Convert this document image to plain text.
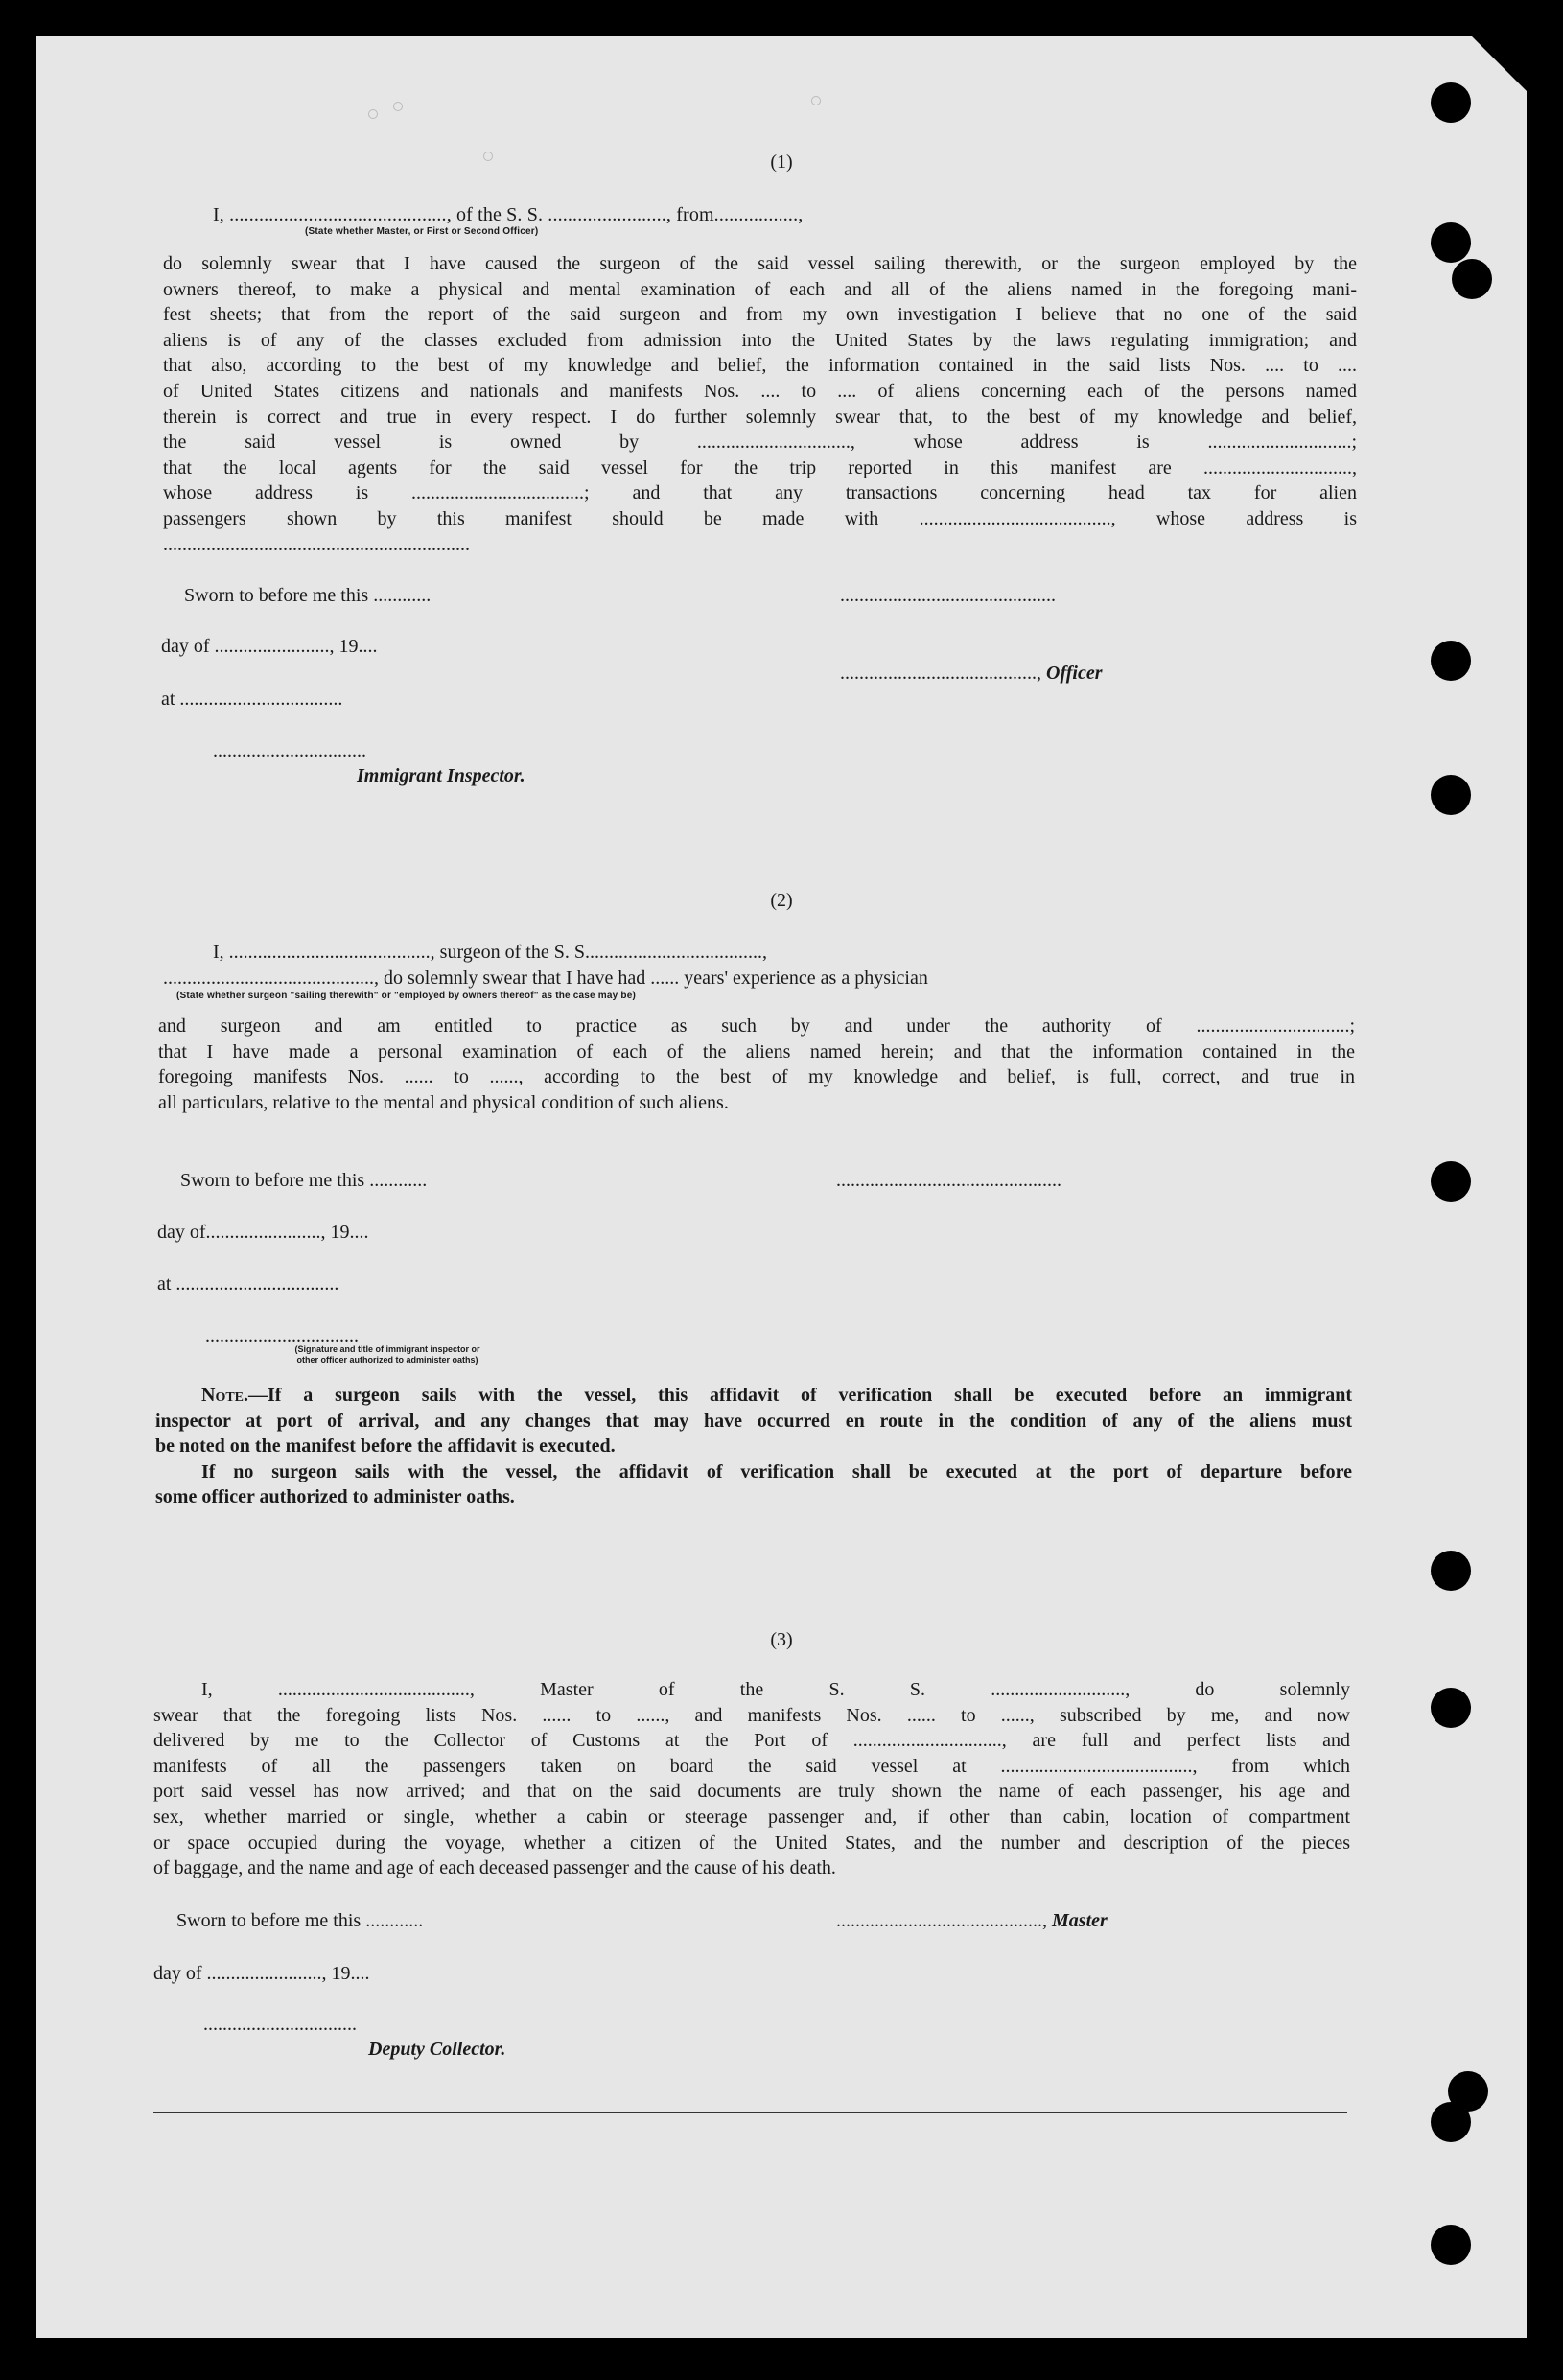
(1)
I, ............................................, of the S. S. ........................, from.................,
(State whether Master, or First or Second Officer)
do solemnly swear that I have caused the surgeon of the said vessel sailing therewith, or the surgeon employed by the
owners thereof, to make a physical and mental examination of each and all of the aliens named in the foregoing mani-
fest sheets; that from the report of the said surgeon and from my own investigation I believe that no one of the said
aliens is of any of the classes excluded from admission into the United States by the laws regulating immigration; and
that also, according to the best of my knowledge and belief, the information contained in the said lists Nos. .... to ....
of United States citizens and nationals and manifests Nos. .... to .... of aliens concerning each of the persons named
therein is correct and true in every respect. I do further solemnly swear that, to the best of my knowledge and belief,
the said vessel is owned by ................................, whose address is ..............................;
that the local agents for the said vessel for the trip reported in this manifest are ...............................,
whose address is ....................................; and that any transactions concerning head tax for alien
passengers shown by this manifest should be made with ........................................, whose address is
................................................................
Sworn to before me this ............	.............................................
day of ........................, 19....
........................................., Officer
at ..................................
................................
Immigrant Inspector.
(2)
I, .........................................., surgeon of the S. S.....................................,
............................................, do solemnly swear that I have had ...... years' experience as a physician
(State whether surgeon "sailing therewith" or "employed by owners thereof" as the case may be)
and surgeon and am entitled to practice as such by and under the authority of ................................;
that I have made a personal examination of each of the aliens named herein; and that the information contained in the
foregoing manifests Nos. ...... to ......, according to the best of my knowledge and belief, is full, correct, and true in
all particulars, relative to the mental and physical condition of such aliens.
Sworn to before me this ............	...............................................
day of........................, 19....
at ..................................
................................
(Signature and title of immigrant inspector or
other officer authorized to administer oaths)
Note.—If a surgeon sails with the vessel, this affidavit of verification shall be executed before an immigrant
inspector at port of arrival, and any changes that may have occurred en route in the condition of any of the aliens must
be noted on the manifest before the affidavit is executed.
If no surgeon sails with the vessel, the affidavit of verification shall be executed at the port of departure before
some officer authorized to administer oaths.
(3)
I, ........................................, Master of the S. S. ............................, do solemnly
swear that the foregoing lists Nos. ...... to ......, and manifests Nos. ...... to ......, subscribed by me, and now
delivered by me to the Collector of Customs at the Port of ..............................., are full and perfect lists and
manifests of all the passengers taken on board the said vessel at ........................................, from which
port said vessel has now arrived; and that on the said documents are truly shown the name of each passenger, his age and
sex, whether married or single, whether a cabin or steerage passenger and, if other than cabin, location of compartment
or space occupied during the voyage, whether a citizen of the United States, and the number and description of the pieces
of baggage, and the name and age of each deceased passenger and the cause of his death.
Sworn to before me this ............	..........................................., Master
day of ........................, 19....
................................
Deputy Collector.
